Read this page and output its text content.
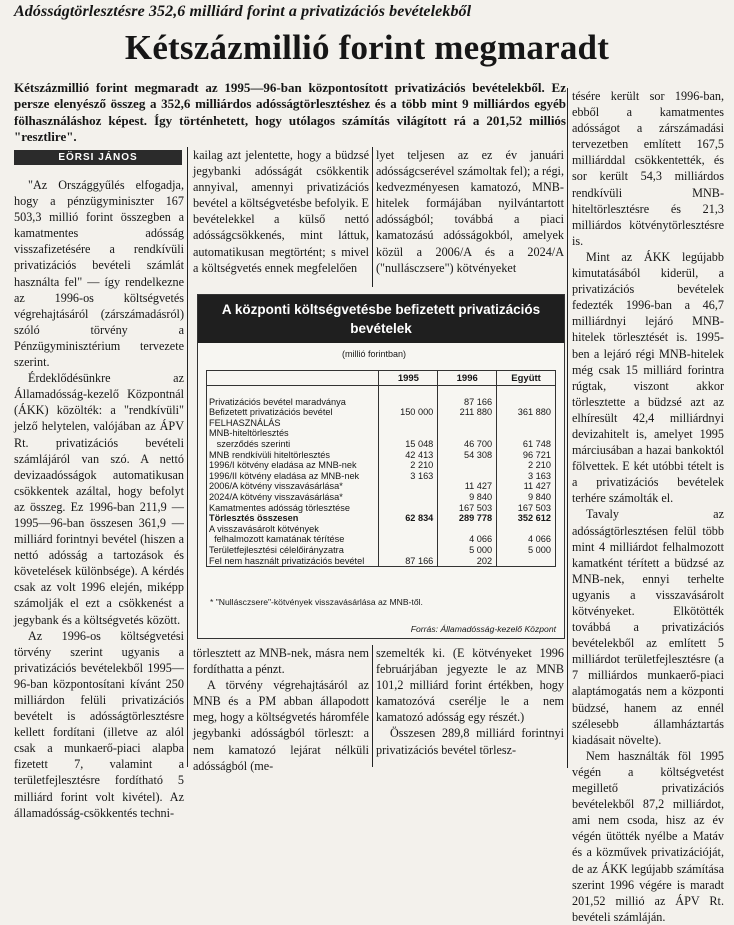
Adósságtörlesztésre 352,6 milliárd forint a privatizációs bevételekből
Kétszázmillió forint megmaradt
Kétszázmillió forint megmaradt az 1995—96-ban központosított privatizációs bevételekből. Ez persze elenyésző összeg a 352,6 milliárdos adósságtörlesztéshez és a több mint 9 milliárdos egyéb fölhasználáshoz képest. Így történhetett, hogy utólagos számítás világított rá a 201,52 milliós "resztlire".
EÖRSI JÁNOS

"Az Országgyűlés elfogadja, hogy a pénzügyminiszter 167 503,3 millió forint összegben a kamatmentes adósság visszafizetésére a rendkívüli privatizációs bevételi számlát használta fel" — így rendelkezne az 1996-os költségvetés végrehajtásáról (zárszámadásról) szóló törvény a Pénzügyminisztérium tervezete szerint.

Érdeklődésünkre az Államadósság-kezelő Központnál (ÁKK) közölték: a "rendkívüli" jelző helytelen, valójában az ÁPV Rt. privatizációs bevételi számlájáról van szó. A nettó devizaadósságok automatikusan csökkentek azáltal, hogy befolyt az összeg. Ez 1996-ban 211,9 — 1995—96-ban összesen 361,9 — milliárd forintnyi bevétel (hiszen a nettó adósság a tartozások és követelések különbsége). A kérdés csak az volt 1996 elején, miképp számolják el ezt a csökkenést a jegybank és a költségvetés között.

Az 1996-os költségvetési törvény szerint ugyanis a privatizációs bevételekből 1995—96-ban központosítani kívánt 250 milliárdon felüli privatizációs bevételt is adósságtörlesztésre kellett fordítani (illetve az alól csak a munkaerő-piaci alapba fizetett 7, valamint a területfejlesztésre fordítható 5 milliárd forint volt kivétel). Az államadósság-csökkentés techni-

kailag azt jelentette, hogy a büdzsé jegybanki adósságát csökkentik annyival, amennyi privatizációs bevétel a költségvetésbe befolyik. E bevételekkel a külső nettó adósságcsökkenés, mint láttuk, automatikusan megtörtént; s mivel a költségvetés ennek megfelelően

lyet teljesen az ez év januári adósságcserével számoltak fel); a régi, kedvezményesen kamatozó, MNB-hitelek formájában nyilvántartott adósságból; továbbá a piaci kamatozású adósságokból, amelyek közül a 2006/A és a 2024/A ("nullásczsere") kötvényeket

A központi költségvetésbe befizetett privatizációs bevételek
(millió forintban)
	1995	1996	Együtt

Privatizációs bevétel maradványa		87 166	
Befizetett privatizációs bevétel	150 000	211 880	361 880
FELHASZNÁLÁS			
MNB-hiteltörlesztés			
szerződés szerinti	15 048	46 700	61 748
MNB rendkívüli hiteltörlesztés	42 413	54 308	96 721
1996/I kötvény eladása az MNB-nek	2 210		2 210
1996/II kötvény eladása az MNB-nek	3 163		3 163
2006/A kötvény visszavásárlása*		11 427	11 427
2024/A kötvény visszavásárlása*		9 840	9 840
Kamatmentes adósság törlesztése		167 503	167 503
Törlesztés összesen	62 834	289 778	352 612
A visszavásárolt kötvények			
felhalmozott kamatának térítése		4 066	4 066
Területfejlesztési célelőirányzatra		5 000	5 000
Fel nem használt privatizációs bevétel	87 166	202	
* "Nullásczsere"-kötvények visszavásárlása az MNB-től.
Forrás: Államadósság-kezelő Központ

törlesztett az MNB-nek, másra nem fordíthatta a pénzt.

A törvény végrehajtásáról az MNB és a PM abban állapodott meg, hogy a költségvetés háromféle jegybanki adósságból törleszt: a nem kamatozó lejárat nélküli adósságból (me-

szemelték ki. (E kötvényeket 1996 februárjában jegyezte le az MNB 101,2 milliárd forint értékben, hogy kamatozóvá cserélje le a nem kamatozó adósság egy részét.)

Összesen 289,8 milliárd forintnyi privatizációs bevétel törlesz-

tésére került sor 1996-ban, ebből a kamatmentes adósságot a zárszámadási tervezetben említett 167,5 milliárddal csökkentették, és sor került 54,3 milliárdos rendkívüli MNB-hiteltörlesztésre és 21,3 milliárdos kötvénytörlesztésre is.

Mint az ÁKK legújabb kimutatásából kiderül, a privatizációs bevételek fedezték 1996-ban a 46,7 milliárdnyi lejáró MNB-hitelek törlesztését is. 1995-ben a lejáró régi MNB-hitelek még csak 15 milliárd forintra rúgtak, viszont akkor törlesztette a büdzsé azt az elhíresült 42,4 milliárdnyi devizahitelt is, amelyet 1995 márciusában a hazai bankoktól fölvettek. E két utóbbi tételt is a privatizációs bevételek terhére számolták el.

Tavaly az adósságtörlesztésen felül több mint 4 milliárdot felhalmozott kamatként térített a büdzsé az MNB-nek, ennyi terhelte ugyanis a visszavásárolt kötvényeket. Elkötötték továbbá a privatizációs bevételekből az említett 5 milliárdot területfejlesztésre (a 7 milliárdos munkaerő-piaci alaptámogatás nem a központi büdzsé, hanem az ennél szélesebb államháztartás kiadásait növelte).

Nem használták föl 1995 végén a költségvetést megillető privatizációs bevételekből 87,2 milliárdot, ami nem csoda, hisz az év végén ütötték nyélbe a Matáv és a közművek privatizációját, de az ÁKK legújabb számítása szerint 1996 végére is maradt 201,52 millió az ÁPV Rt. bevételi számláján.
